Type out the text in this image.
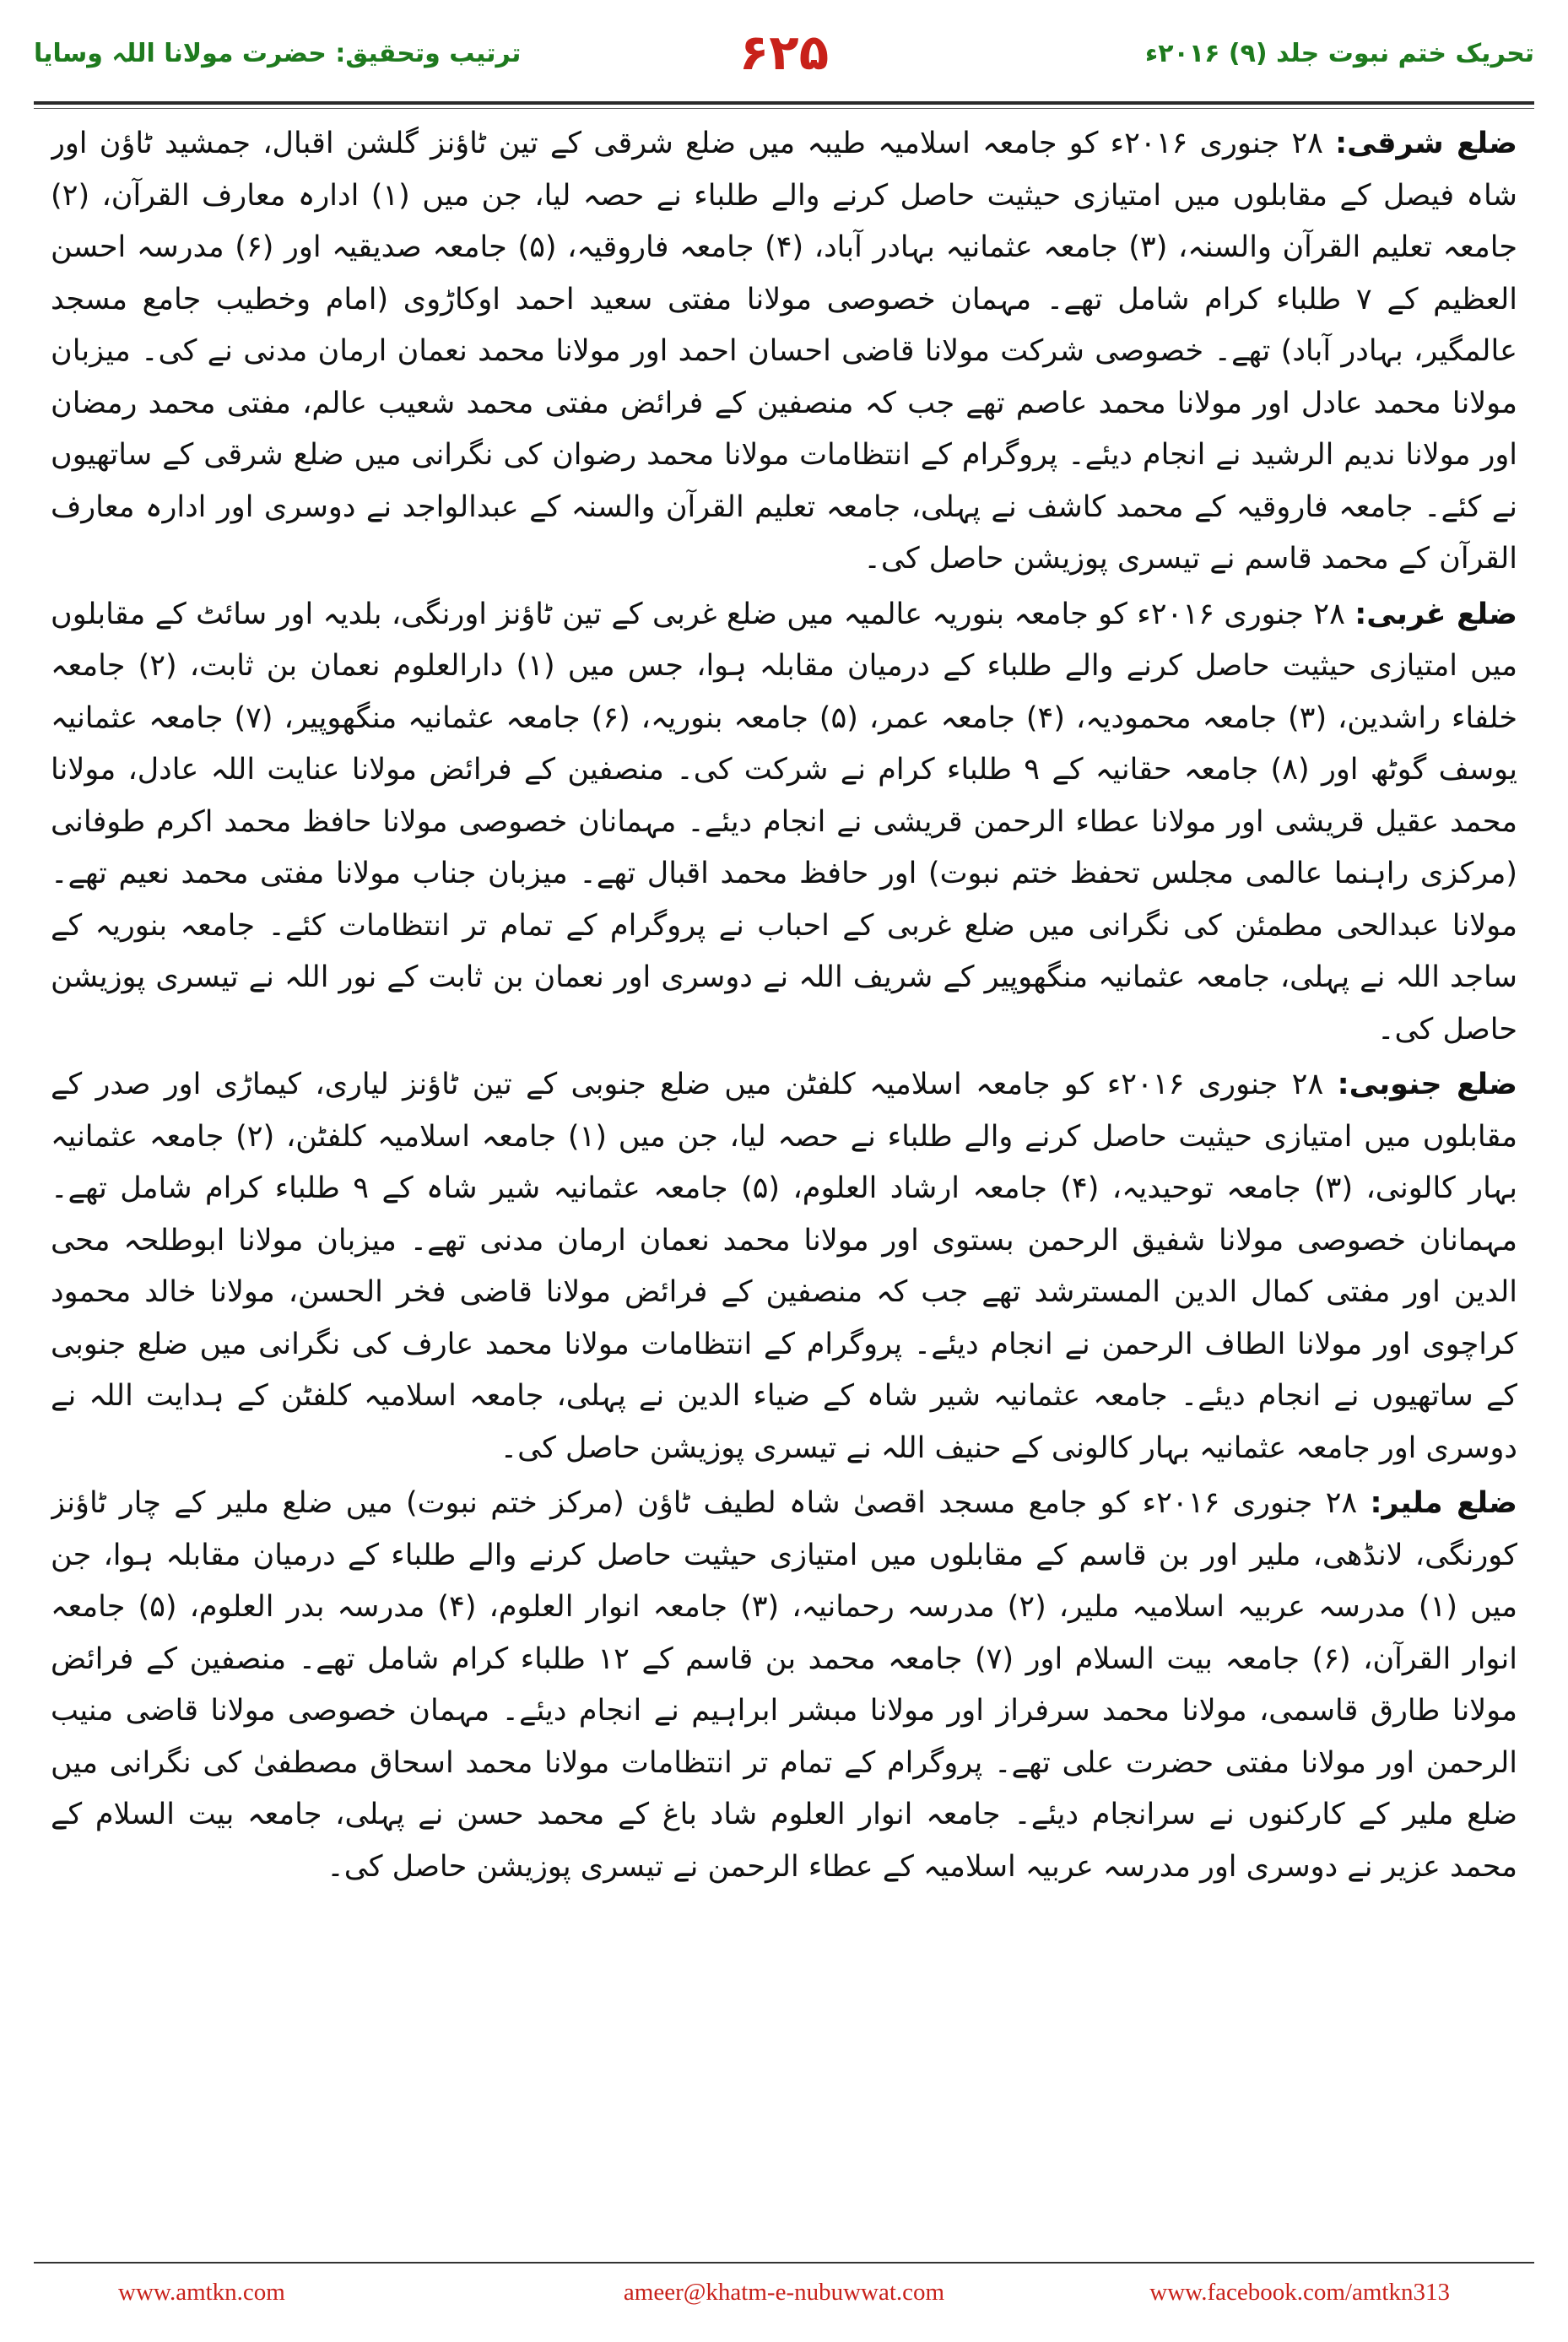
ترتیب وتحقیق: حضرت مولانا اللہ وسایا	۶۲۵	تحریک ختم نبوت جلد (۹) ۲۰۱۶ء

ضلع شرقی: ۲۸ جنوری ۲۰۱۶ء کو جامعہ اسلامیہ طیبہ میں ضلع شرقی کے تین ٹاؤنز گلشن اقبال، جمشید ٹاؤن اور شاہ فیصل کے مقابلوں میں امتیازی حیثیت حاصل کرنے والے طلباء نے حصہ لیا، جن میں (۱) ادارہ معارف القرآن، (۲) جامعہ تعلیم القرآن والسنہ، (۳) جامعہ عثمانیہ بہادر آباد، (۴) جامعہ فاروقیہ، (۵) جامعہ صدیقیہ اور (۶) مدرسہ احسن العظیم کے ۷ طلباء کرام شامل تھے۔ مہمان خصوصی مولانا مفتی سعید احمد اوکاڑوی (امام وخطیب جامع مسجد عالمگیر، بہادر آباد) تھے۔ خصوصی شرکت مولانا قاضی احسان احمد اور مولانا محمد نعمان ارمان مدنی نے کی۔ میزبان مولانا محمد عادل اور مولانا محمد عاصم تھے جب کہ منصفین کے فرائض مفتی محمد شعیب عالم، مفتی محمد رمضان اور مولانا ندیم الرشید نے انجام دیئے۔ پروگرام کے انتظامات مولانا محمد رضوان کی نگرانی میں ضلع شرقی کے ساتھیوں نے کئے۔ جامعہ فاروقیہ کے محمد کاشف نے پہلی، جامعہ تعلیم القرآن والسنہ کے عبدالواجد نے دوسری اور ادارہ معارف القرآن کے محمد قاسم نے تیسری پوزیشن حاصل کی۔

ضلع غربی: ۲۸ جنوری ۲۰۱۶ء کو جامعہ بنوریہ عالمیہ میں ضلع غربی کے تین ٹاؤنز اورنگی، بلدیہ اور سائٹ کے مقابلوں میں امتیازی حیثیت حاصل کرنے والے طلباء کے درمیان مقابلہ ہوا، جس میں (۱) دارالعلوم نعمان بن ثابت، (۲) جامعہ خلفاء راشدین، (۳) جامعہ محمودیہ، (۴) جامعہ عمر، (۵) جامعہ بنوریہ، (۶) جامعہ عثمانیہ منگھوپیر، (۷) جامعہ عثمانیہ یوسف گوٹھ اور (۸) جامعہ حقانیہ کے ۹ طلباء کرام نے شرکت کی۔ منصفین کے فرائض مولانا عنایت اللہ عادل، مولانا محمد عقیل قریشی اور مولانا عطاء الرحمن قریشی نے انجام دیئے۔ مہمانان خصوصی مولانا حافظ محمد اکرم طوفانی (مرکزی راہنما عالمی مجلس تحفظ ختم نبوت) اور حافظ محمد اقبال تھے۔ میزبان جناب مولانا مفتی محمد نعیم تھے۔ مولانا عبدالحی مطمئن کی نگرانی میں ضلع غربی کے احباب نے پروگرام کے تمام تر انتظامات کئے۔ جامعہ بنوریہ کے ساجد اللہ نے پہلی، جامعہ عثمانیہ منگھوپیر کے شریف اللہ نے دوسری اور نعمان بن ثابت کے نور اللہ نے تیسری پوزیشن حاصل کی۔

ضلع جنوبی: ۲۸ جنوری ۲۰۱۶ء کو جامعہ اسلامیہ کلفٹن میں ضلع جنوبی کے تین ٹاؤنز لیاری، کیماڑی اور صدر کے مقابلوں میں امتیازی حیثیت حاصل کرنے والے طلباء نے حصہ لیا، جن میں (۱) جامعہ اسلامیہ کلفٹن، (۲) جامعہ عثمانیہ بہار کالونی، (۳) جامعہ توحیدیہ، (۴) جامعہ ارشاد العلوم، (۵) جامعہ عثمانیہ شیر شاہ کے ۹ طلباء کرام شامل تھے۔ مہمانان خصوصی مولانا شفیق الرحمن بستوی اور مولانا محمد نعمان ارمان مدنی تھے۔ میزبان مولانا ابوطلحہ محی الدین اور مفتی کمال الدین المسترشد تھے جب کہ منصفین کے فرائض مولانا قاضی فخر الحسن، مولانا خالد محمود کراچوی اور مولانا الطاف الرحمن نے انجام دیئے۔ پروگرام کے انتظامات مولانا محمد عارف کی نگرانی میں ضلع جنوبی کے ساتھیوں نے انجام دیئے۔ جامعہ عثمانیہ شیر شاہ کے ضیاء الدین نے پہلی، جامعہ اسلامیہ کلفٹن کے ہدایت اللہ نے دوسری اور جامعہ عثمانیہ بہار کالونی کے حنیف اللہ نے تیسری پوزیشن حاصل کی۔

ضلع ملیر: ۲۸ جنوری ۲۰۱۶ء کو جامع مسجد اقصیٰ شاہ لطیف ٹاؤن (مرکز ختم نبوت) میں ضلع ملیر کے چار ٹاؤنز کورنگی، لانڈھی، ملیر اور بن قاسم کے مقابلوں میں امتیازی حیثیت حاصل کرنے والے طلباء کے درمیان مقابلہ ہوا، جن میں (۱) مدرسہ عربیہ اسلامیہ ملیر، (۲) مدرسہ رحمانیہ، (۳) جامعہ انوار العلوم، (۴) مدرسہ بدر العلوم، (۵) جامعہ انوار القرآن، (۶) جامعہ بیت السلام اور (۷) جامعہ محمد بن قاسم کے ۱۲ طلباء کرام شامل تھے۔ منصفین کے فرائض مولانا طارق قاسمی، مولانا محمد سرفراز اور مولانا مبشر ابراہیم نے انجام دیئے۔ مہمان خصوصی مولانا قاضی منیب الرحمن اور مولانا مفتی حضرت علی تھے۔ پروگرام کے تمام تر انتظامات مولانا محمد اسحاق مصطفیٰ کی نگرانی میں ضلع ملیر کے کارکنوں نے سرانجام دیئے۔ جامعہ انوار العلوم شاد باغ کے محمد حسن نے پہلی، جامعہ بیت السلام کے محمد عزیر نے دوسری اور مدرسہ عربیہ اسلامیہ کے عطاء الرحمن نے تیسری پوزیشن حاصل کی۔

www.amtkn.com	ameer@khatm-e-nubuwwat.com	www.facebook.com/amtkn313
